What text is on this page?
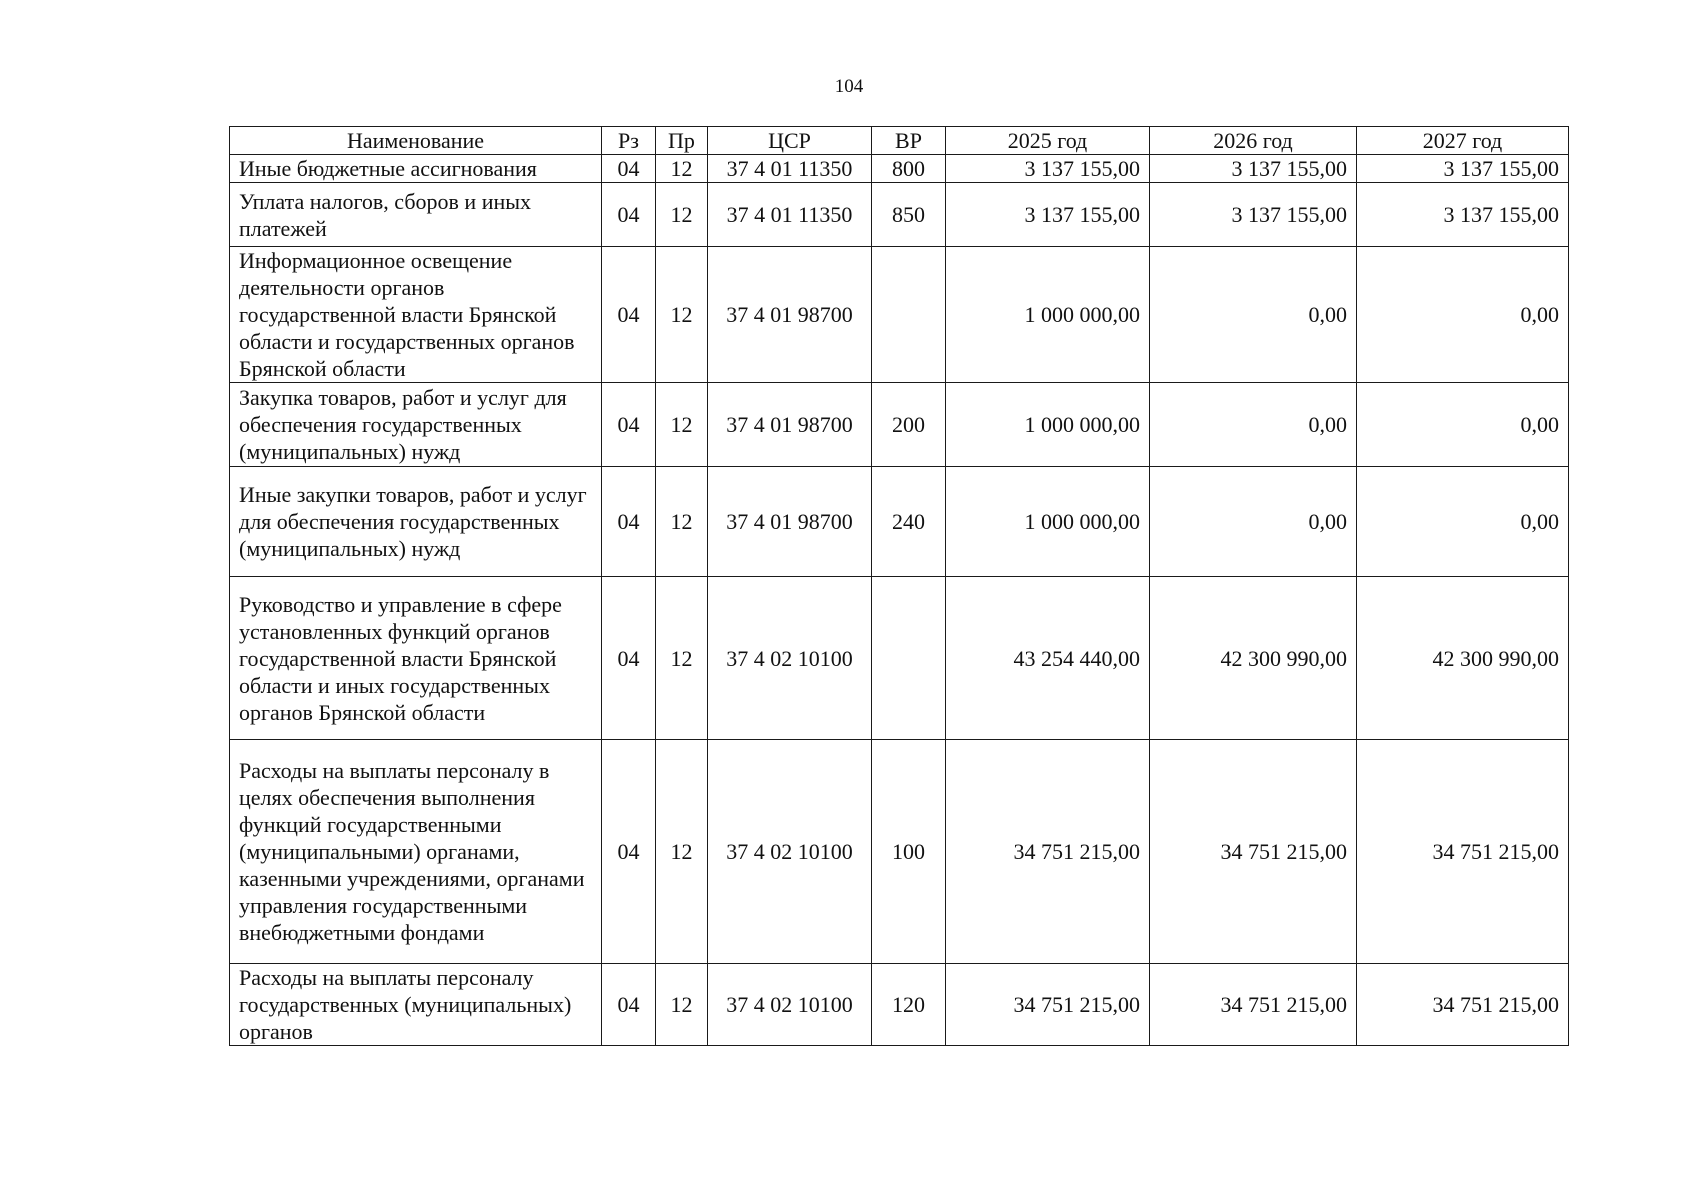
104
Наименование	Рз	Пр	ЦСР	ВР	2025 год	2026 год	2027 год
Иные бюджетные ассигнования	04	12	37 4 01 11350	800	3 137 155,00	3 137 155,00	3 137 155,00
Уплата налогов, сборов и иных платежей	04	12	37 4 01 11350	850	3 137 155,00	3 137 155,00	3 137 155,00
Информационное освещение деятельности органов государственной власти Брянской области и государственных органов Брянской области	04	12	37 4 01 98700		1 000 000,00	0,00	0,00
Закупка товаров, работ и услуг для обеспечения государственных (муниципальных) нужд	04	12	37 4 01 98700	200	1 000 000,00	0,00	0,00
Иные закупки товаров, работ и услуг для обеспечения государственных (муниципальных) нужд	04	12	37 4 01 98700	240	1 000 000,00	0,00	0,00
Руководство и управление в сфере установленных функций органов государственной власти Брянской области и иных государственных органов Брянской области	04	12	37 4 02 10100		43 254 440,00	42 300 990,00	42 300 990,00
Расходы на выплаты персоналу в целях обеспечения выполнения функций государственными (муниципальными) органами, казенными учреждениями, органами управления государственными внебюджетными фондами	04	12	37 4 02 10100	100	34 751 215,00	34 751 215,00	34 751 215,00
Расходы на выплаты персоналу государственных (муниципальных) органов	04	12	37 4 02 10100	120	34 751 215,00	34 751 215,00	34 751 215,00
